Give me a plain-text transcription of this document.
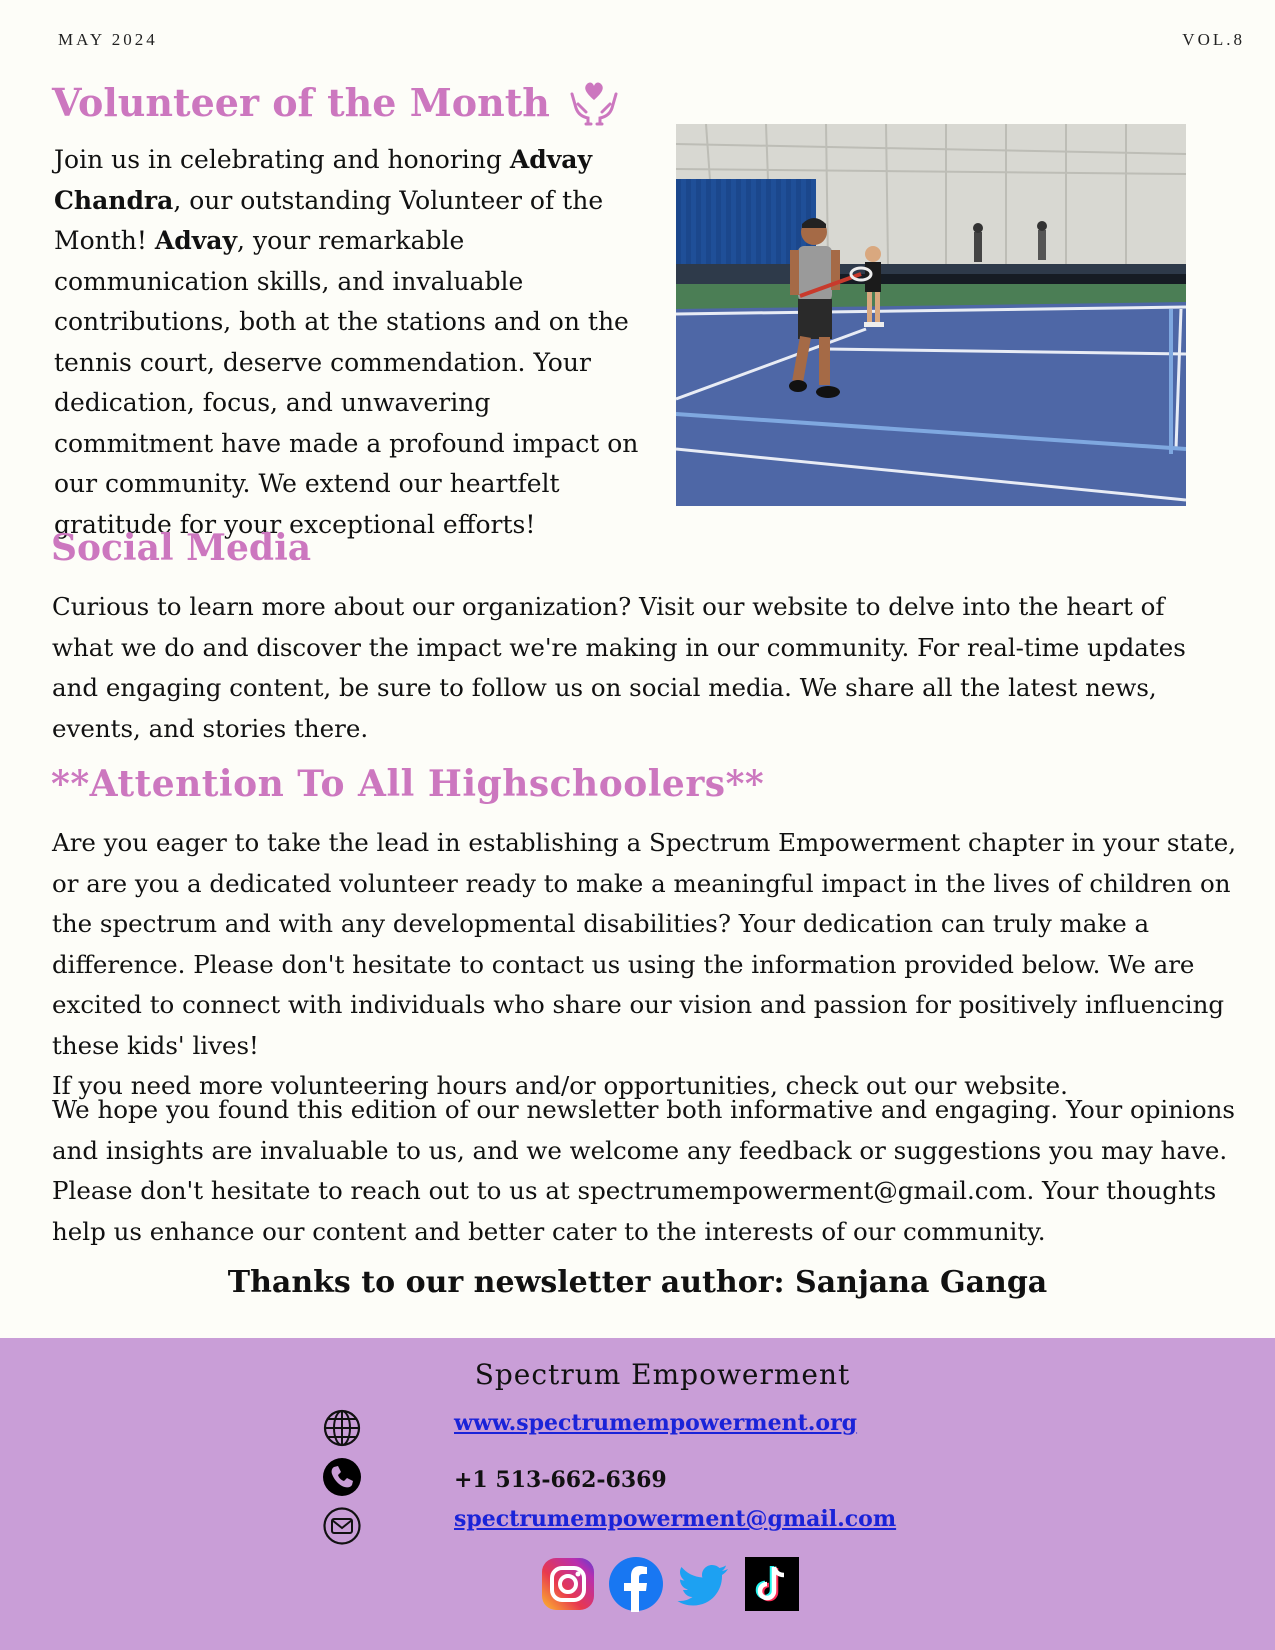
MAY 2024	VOL.8
Volunteer of the Month

Join us in celebrating and honoring Advay Chandra, our outstanding Volunteer of the Month! Advay, your remarkable communication skills, and invaluable contributions, both at the stations and on the tennis court, deserve commendation. Your dedication, focus, and unwavering commitment have made a profound impact on our community. We extend our heartfelt gratitude for your exceptional efforts!

Social Media

Curious to learn more about our organization? Visit our website to delve into the heart of what we do and discover the impact we're making in our community. For real-time updates and engaging content, be sure to follow us on social media. We share all the latest news, events, and stories there.

**Attention To All Highschoolers**
Are you eager to take the lead in establishing a Spectrum Empowerment chapter in your state, or are you a dedicated volunteer ready to make a meaningful impact in the lives of children on the spectrum and with any developmental disabilities? Your dedication can truly make a difference. Please don't hesitate to contact us using the information provided below. We are excited to connect with individuals who share our vision and passion for positively influencing these kids' lives!
If you need more volunteering hours and/or opportunities, check out our website.

We hope you found this edition of our newsletter both informative and engaging. Your opinions and insights are invaluable to us, and we welcome any feedback or suggestions you may have. Please don't hesitate to reach out to us at spectrumempowerment@gmail.com. Your thoughts help us enhance our content and better cater to the interests of our community.

Thanks to our newsletter author: Sanjana Ganga

Spectrum Empowerment
www.spectrumempowerment.org
+1 513-662-6369
spectrumempowerment@gmail.com
